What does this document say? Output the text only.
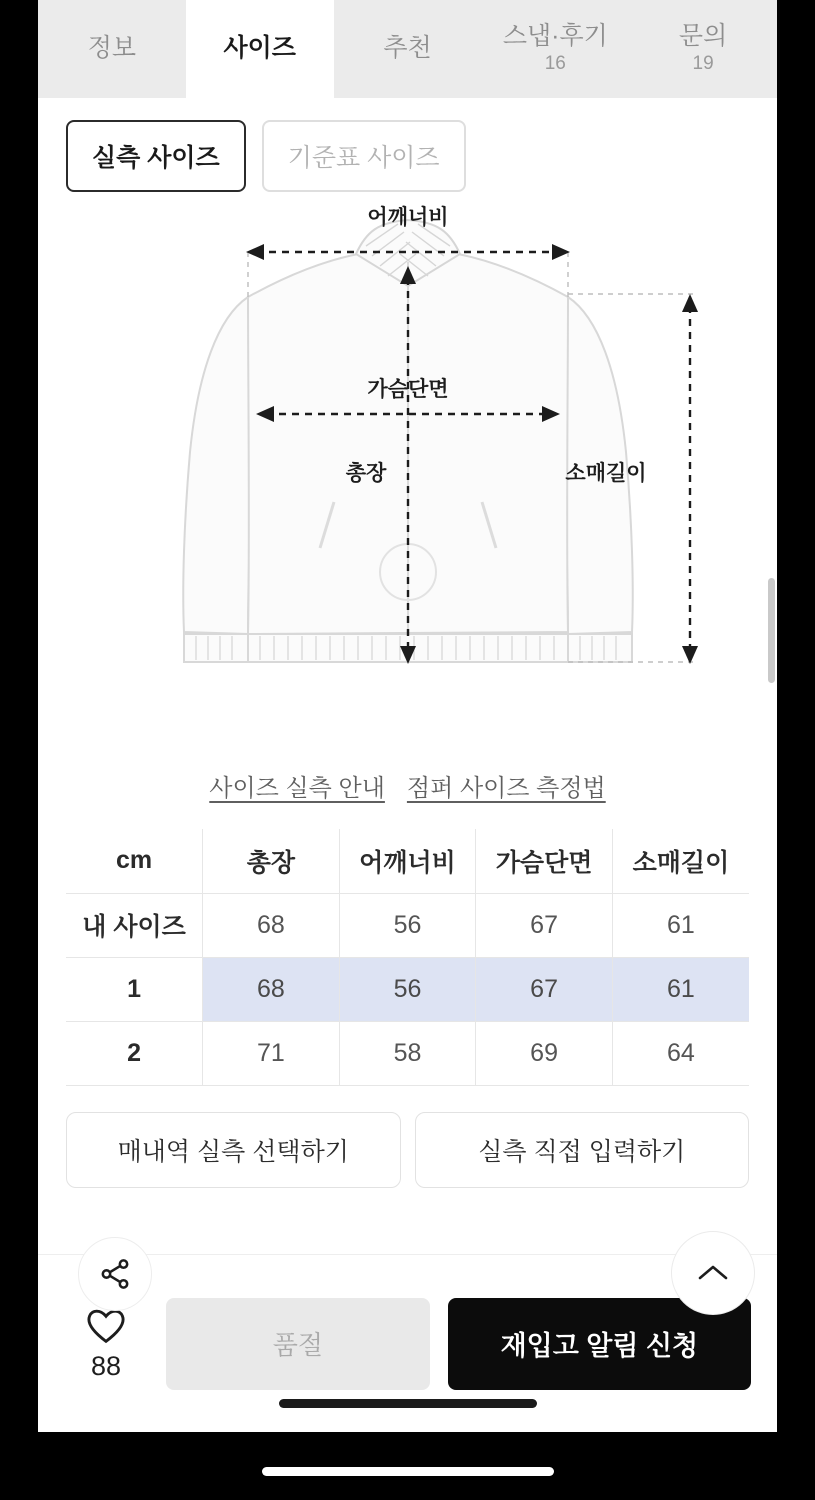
정보	사이즈	추천	스냅·후기
16
문의
19
실측 사이즈	기준표 사이즈
어깨너비
가슴단면
총장	소매길이
사이즈 실측 안내 점퍼 사이즈 측정법
cm	총장	어깨너비	가슴단면	소매길이
내 사이즈	68	56	67	61
1	68	56	67	61
2	71	58	69	64
매내역 실측 선택하기	실측 직접 입력하기
88
품절	재입고 알림 신청
